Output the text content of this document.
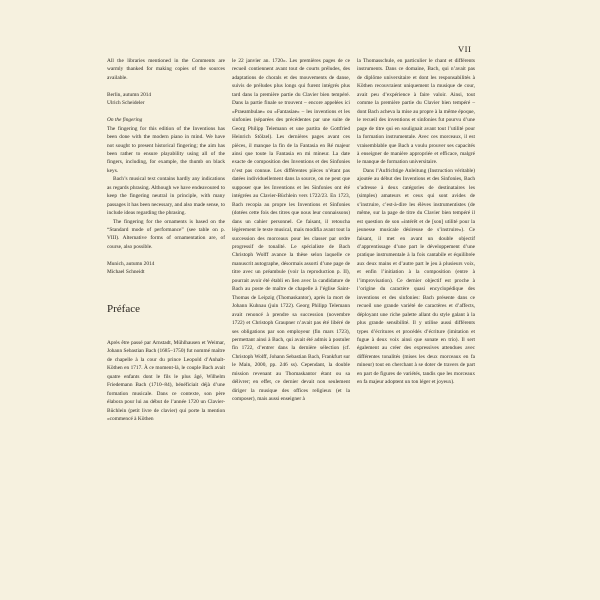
VII

All the libraries mentioned in the Comments are warmly thanked for making copies of the sources available.

Berlin, autumn 2014

Ulrich Scheideler

On the fingering

The fingering for this edition of the Inventions has been done with the modern piano in mind. We have not sought to present historical fingering; the aim has been rather to ensure playability using all of the fingers, including, for example, the thumb on black keys.

Bach’s musical text contains hardly any indications as regards phrasing. Although we have endeavoured to keep the fingering neutral in principle, with many passages it has been necessary, and also made sense, to include ideas regarding the phrasing.

The fingering for the ornaments is based on the “Standard mode of performance” (see table on p. VIII). Alternative forms of ornamentation are, of course, also possible.

Munich, autumn 2014

Michael Schneidt

Préface

Après être passé par Arnstadt, Mühlhausen et Weimar, Johann Sebastian Bach (1685–1750) fut nommé maître de chapelle à la cour du prince Leopold d’Anhalt-Köthen en 1717. À ce moment-là, le couple Bach avait quatre enfants dont le fils le plus âgé, Wilhelm Friedemann Bach (1710–84), bénéficiait déjà d’une formation musicale. Dans ce contexte, son père élabora pour lui au début de l’année 1720 un Clavier-Büchlein (petit livre de clavier) qui porte la mention «commencé à Köthen

le 22 janvier an. 1720». Les premières pages de ce recueil contiennent avant tout de courts préludes, des adaptations de chorals et des mouvements de danse, suivis de préludes plus longs qui furent intégrés plus tard dans la première partie du Clavier bien tempéré. Dans la partie finale se trouvent – encore appelées ici «Praeambulae» ou «Fantasiae» – les inventions et les sinfonies (séparées des précédentes par une suite de Georg Philipp Telemann et une partita de Gottfried Heinrich Stölzel). Les dernières pages avant ces pièces, il manque la fin de la Fantasia en Ré majeur ainsi que toute la Fantasia en mi mineur. La date exacte de composition des Inventions et des Sinfonies n’est pas connue. Les différentes pièces n’étant pas datées individuellement dans la source, on ne peut que supposer que les Inventions et les Sinfonies ont été intégrées au Clavier-Büchlein vers 1722/23. En 1723, Bach recopia au propre les Inventions et Sinfonies (dotées cette fois des titres que nous leur connaissons) dans un cahier personnel. Ce faisant, il retoucha légèrement le texte musical, mais modifia avant tout la succession des morceaux pour les classer par ordre progressif de tonalité. Le spécialiste de Bach Christoph Wolff avance la thèse selon laquelle ce manuscrit autographe, désormais assorti d’une page de titre avec un préambule (voir la reproduction p. II), pourrait avoir été établi en lien avec la candidature de Bach au poste de maître de chapelle à l’église Saint-Thomas de Leipzig (Thomaskantor), après la mort de Johann Kuhnau (juin 1722). Georg Philipp Telemann avait renoncé à prendre sa succession (novembre 1722) et Christoph Graupner n’avait pas été libéré de ses obligations par son employeur (fin mars 1723), permettant ainsi à Bach, qui avait été admis à postuler fin 1722, d’entrer dans la dernière sélection (cf. Christoph Wolff, Johann Sebastian Bach, Frankfurt sur le Main, 2000, pp. 246 ss). Cependant, la double mission revenant au Thomaskantor étant ou sa délivrer; en effet, ce dernier devait non seulement diriger la musique des offices religieux (et la composer), mais aussi enseigner à

la Thomasschule, en particulier le chant et différents instruments. Dans ce domaine, Bach, qui n’avait pas de diplôme universitaire et dont les responsabilités à Köthen recouvraient uniquement la musique de cour, avait peu d’expérience à faire valoir. Ainsi, tout comme la première partie du Clavier bien tempéré – dont Bach acheva la mise au propre à la même époque, le recueil des inventions et sinfonies fut pourvu d’une page de titre qui en soulignait avant tout l’utilité pour la formation instrumentale. Avec ces morceaux, il est vraisemblable que Bach a voulu prouver ses capacités à enseigner de manière appropriée et efficace, malgré le manque de formation universitaire.

Dans l’Aufrichtige Anleitung (Instruction véritable) ajoutée au début des Inventions et des Sinfonies, Bach s’adresse à deux catégories de destinataires les (simples) amateurs et ceux qui sont avides de s’instruire, c’est-à-dire les élèves instrumentistes (de même, sur la page de titre du Clavier bien tempéré il est question de son «intérêt et de [son] utilité pour la jeunesse musicale désireuse de s’instruire»). Ce faisant, il met en avant un double objectif d’apprentissage d’une part le développement d’une pratique instrumentale à la fois cantabile et équilibrée aux deux mains et d’autre part le jeu à plusieurs voix, et enfin l’initiation à la composition (entre à l’improvisation). Ce dernier objectif est proche à l’origine du caractère quasi encyclopédique des inventions et des sinfonies: Bach présente dans ce recueil une grande variété de caractères et d’affects, déployant une riche palette allant du style galant à la plus grande sensibilité. Il y utilise aussi différents types d’écritures et procédés d’écriture (imitation et fugue à deux voix ainsi que sonate en trio). Il sert également au créer des expressives attendues avec différentes tonalités (mises les deux morceaux en fa mineur) tout en cherchant à se doter de travers de part en part de figures de variétés, tandis que les morceaux en fa majeur adoptent un ton léger et joyeux).
